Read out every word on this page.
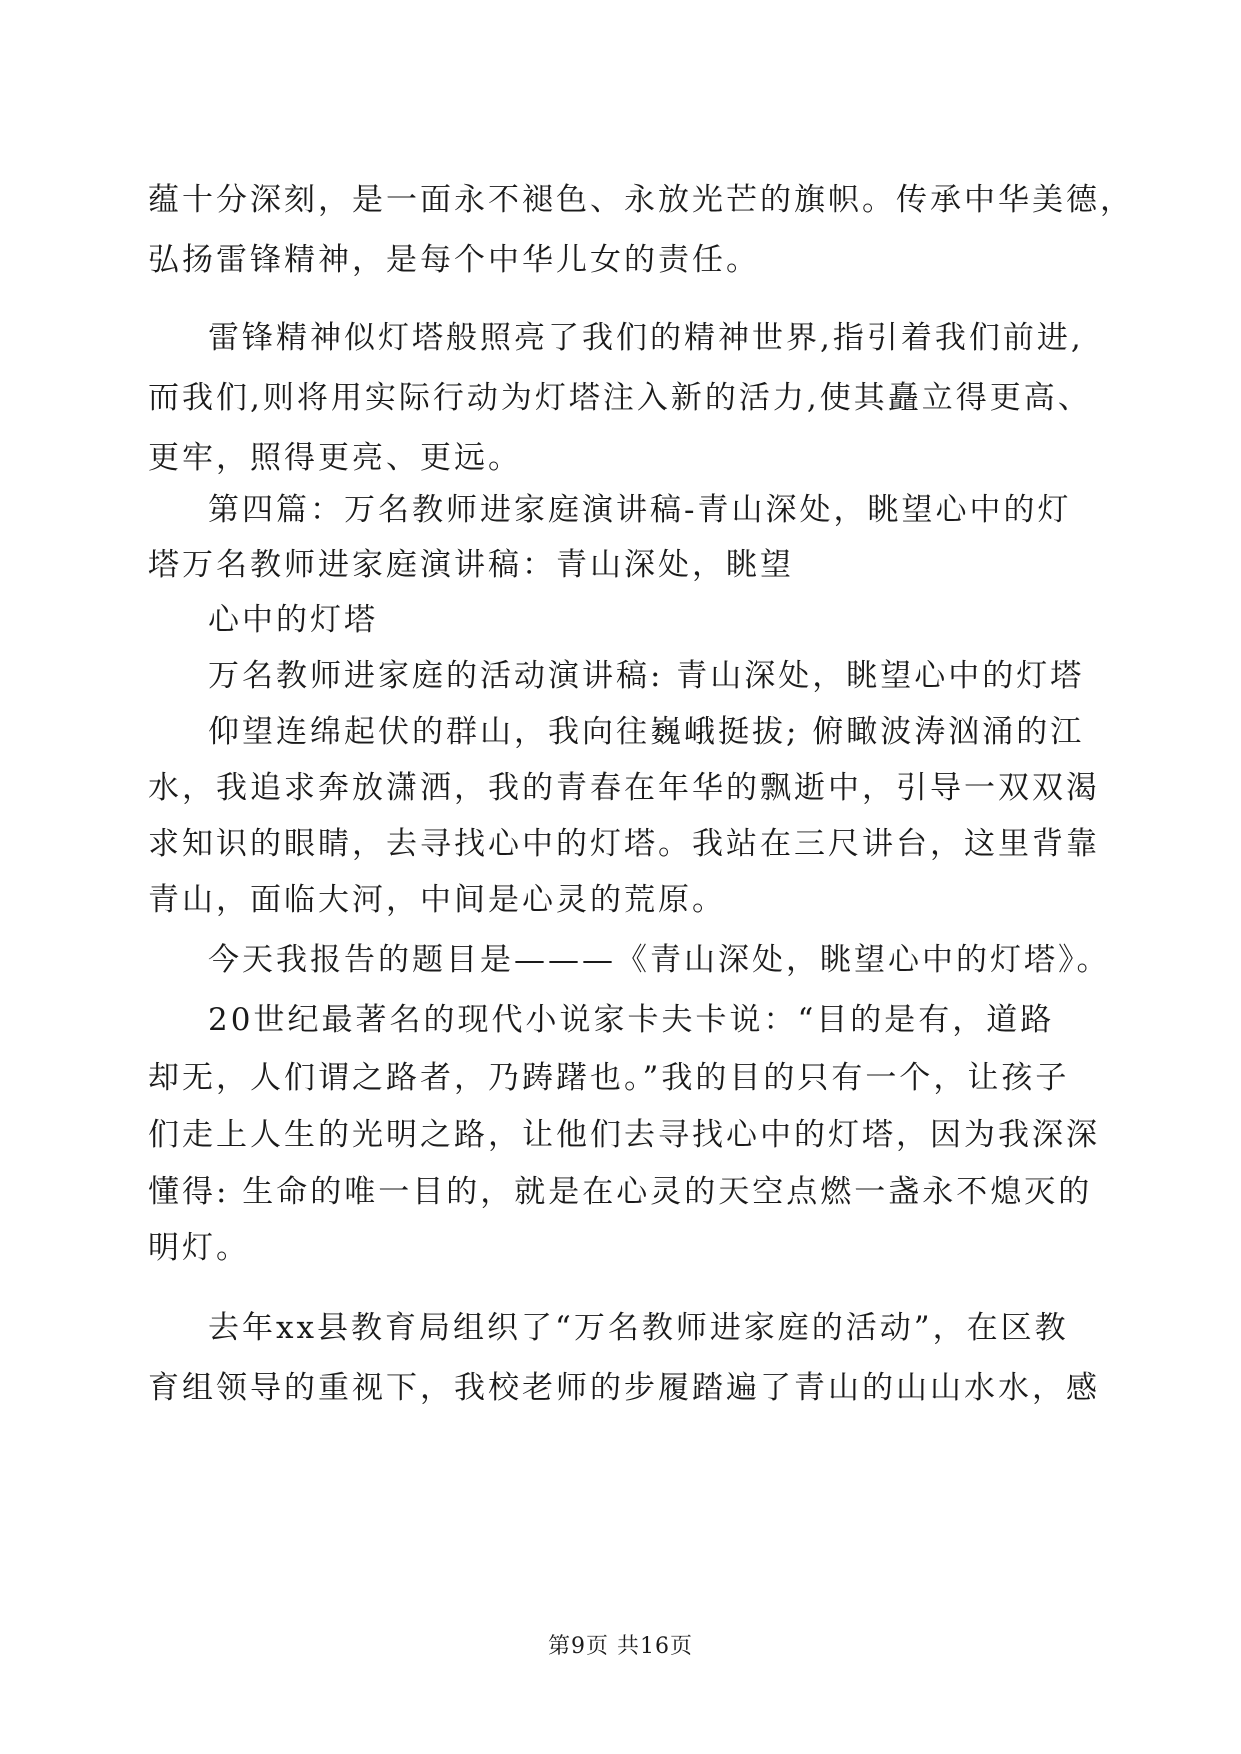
蕴十分深刻，是一面永不褪色、永放光芒的旗帜。传承中华美德，
弘扬雷锋精神，是每个中华儿女的责任。
雷锋精神似灯塔般照亮了我们的精神世界,指引着我们前进,
而我们,则将用实际行动为灯塔注入新的活力,使其矗立得更高、
更牢，照得更亮、更远。
第四篇：万名教师进家庭演讲稿-青山深处，眺望心中的灯
塔万名教师进家庭演讲稿：青山深处，眺望
心中的灯塔
万名教师进家庭的活动演讲稿: 青山深处，眺望心中的灯塔
仰望连绵起伏的群山，我向往巍峨挺拔; 俯瞰波涛汹涌的江
水，我追求奔放潇洒，我的青春在年华的飘逝中，引导一双双渴
求知识的眼睛，去寻找心中的灯塔。我站在三尺讲台，这里背靠
青山，面临大河，中间是心灵的荒原。
今天我报告的题目是———《青山深处，眺望心中的灯塔》。
20世纪最著名的现代小说家卡夫卡说：“目的是有，道路
却无，人们谓之路者，乃踌躇也。”我的目的只有一个，让孩子
们走上人生的光明之路，让他们去寻找心中的灯塔，因为我深深
懂得: 生命的唯一目的，就是在心灵的天空点燃一盏永不熄灭的
明灯。
去年xx县教育局组织了“万名教师进家庭的活动”，在区教
育组领导的重视下，我校老师的步履踏遍了青山的山山水水，感
第9页 共16页
